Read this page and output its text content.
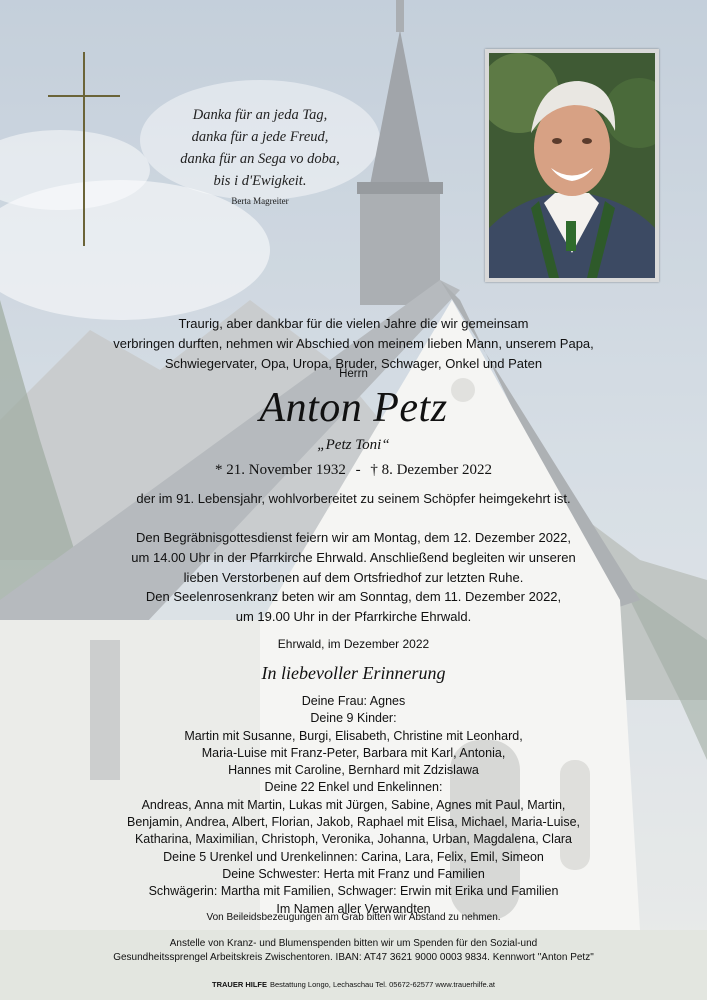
Danka für an jeda Tag,
danka für a jede Freud,
danka für an Sega vo doba,
bis i d'Ewigkeit.
Berta Magreiter
Traurig, aber dankbar für die vielen Jahre die wir gemeinsam
verbringen durften, nehmen wir Abschied von meinem lieben Mann, unserem Papa,
Schwiegervater, Opa, Uropa, Bruder, Schwager, Onkel und Paten
Herrn
Anton Petz
„Petz Toni“
* 21. November 1932 - † 8. Dezember 2022
der im 91. Lebensjahr, wohlvorbereitet zu seinem Schöpfer heimgekehrt ist.
Den Begräbnisgottesdienst feiern wir am Montag, dem 12. Dezember 2022,
um 14.00 Uhr in der Pfarrkirche Ehrwald. Anschließend begleiten wir unseren
lieben Verstorbenen auf dem Ortsfriedhof zur letzten Ruhe.
Den Seelenrosenkranz beten wir am Sonntag, dem 11. Dezember 2022,
um 19.00 Uhr in der Pfarrkirche Ehrwald.
Ehrwald, im Dezember 2022
In liebevoller Erinnerung
Deine Frau: Agnes
Deine 9 Kinder:
Martin mit Susanne, Burgi, Elisabeth, Christine mit Leonhard,
Maria-Luise mit Franz-Peter, Barbara mit Karl, Antonia,
Hannes mit Caroline, Bernhard mit Zdzislawa
Deine 22 Enkel und Enkelinnen:
Andreas, Anna mit Martin, Lukas mit Jürgen, Sabine, Agnes mit Paul, Martin,
Benjamin, Andrea, Albert, Florian, Jakob, Raphael mit Elisa, Michael, Maria-Luise,
Katharina, Maximilian, Christoph, Veronika, Johanna, Urban, Magdalena, Clara
Deine 5 Urenkel und Urenkelinnen: Carina, Lara, Felix, Emil, Simeon
Deine Schwester: Herta mit Franz und Familien
Schwägerin: Martha mit Familien, Schwager: Erwin mit Erika und Familien
Im Namen aller Verwandten
Von Beileidsbezeugungen am Grab bitten wir Abstand zu nehmen.
Anstelle von Kranz- und Blumenspenden bitten wir um Spenden für den Sozial-und
Gesundheitssprengel Arbeitskreis Zwischentoren. IBAN: AT47 3621 9000 0003 9834. Kennwort "Anton Petz"
TRAUER HILFE Bestattung Longo, Lechaschau Tel. 05672-62577 www.trauerhilfe.at
